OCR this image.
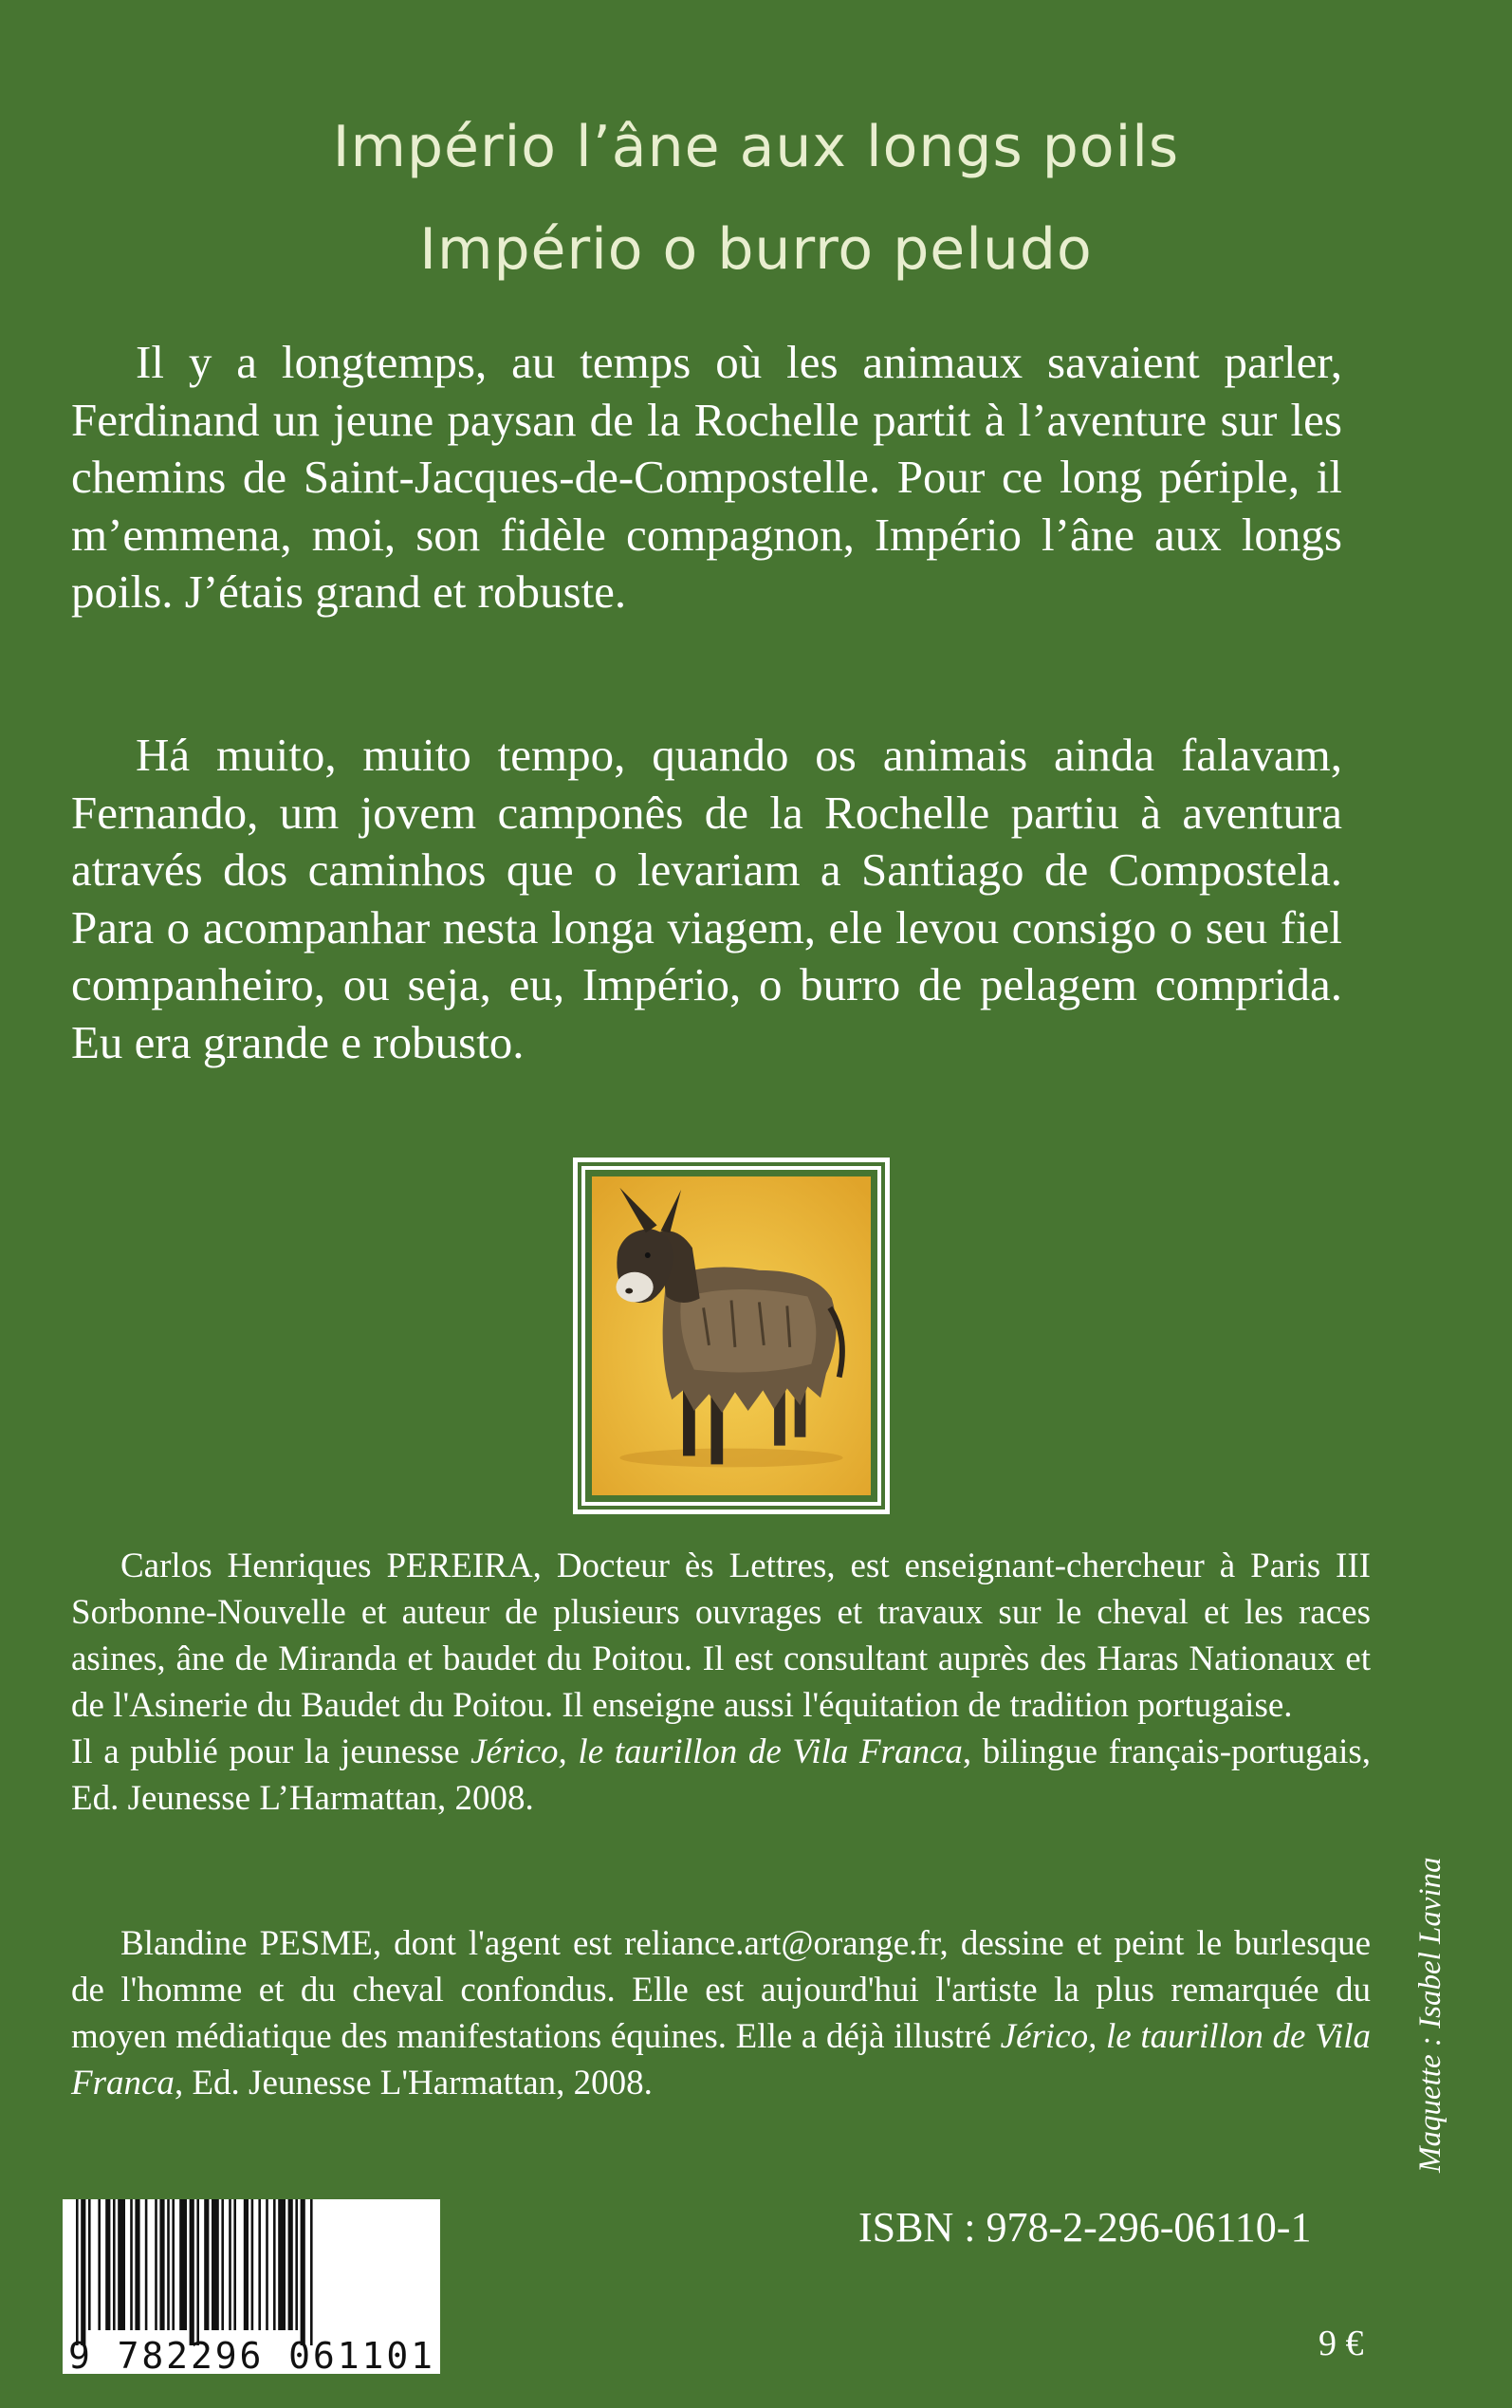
Império l’âne aux longs poils
Império o burro peludo

Il y a longtemps, au temps où les animaux savaient parler, Ferdinand un jeune paysan de la Rochelle partit à l’aventure sur les chemins de Saint-Jacques-de-Compostelle. Pour ce long périple, il m’emmena, moi, son fidèle compagnon, Império l’âne aux longs poils. J’étais grand et robuste.

Há muito, muito tempo, quando os animais ainda falavam, Fernando, um jovem camponês de la Rochelle partiu à aventura através dos caminhos que o levariam a Santiago de Compostela. Para o acompanhar nesta longa viagem, ele levou consigo o seu fiel companheiro, ou seja, eu, Império, o burro de pelagem comprida. Eu era grande e robusto.

Carlos Henriques PEREIRA, Docteur ès Lettres, est enseignant-chercheur à Paris III Sorbonne-Nouvelle et auteur de plusieurs ouvrages et travaux sur le cheval et les races asines, âne de Miranda et baudet du Poitou. Il est consultant auprès des Haras Nationaux et de l'Asinerie du Baudet du Poitou. Il enseigne aussi l'équitation de tradition portugaise.
Il a publié pour la jeunesse Jérico, le taurillon de Vila Franca, bilingue français-portugais, Ed. Jeunesse L’Harmattan, 2008.

Blandine PESME, dont l'agent est reliance.art@orange.fr, dessine et peint le burlesque de l'homme et du cheval confondus. Elle est aujourd'hui l'artiste la plus remarquée du moyen médiatique des manifestations équines. Elle a déjà illustré Jérico, le taurillon de Vila Franca, Ed. Jeunesse L'Harmattan, 2008.	Maquette : Isabel Lavina
9 782296 061101
ISBN : 978-2-296-06110-1
9 €
